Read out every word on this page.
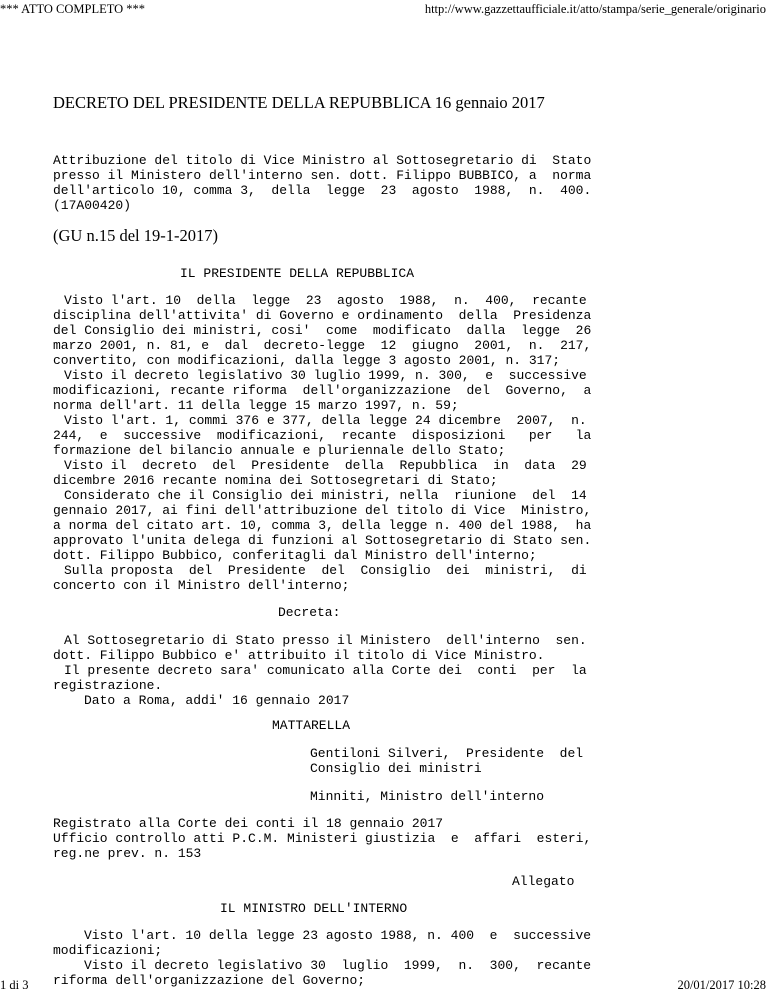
*** ATTO COMPLETO ***	http://www.gazzettaufficiale.it/atto/stampa/serie_generale/originario
DECRETO DEL PRESIDENTE DELLA REPUBBLICA 16 gennaio 2017
Attribuzione del titolo di Vice Ministro al Sottosegretario di  Stato
presso il Ministero dell'interno sen. dott. Filippo BUBBICO, a  norma
dell'articolo 10, comma 3,  della  legge  23  agosto  1988,  n.  400.
(17A00420)
(GU n.15 del 19-1-2017)
IL PRESIDENTE DELLA REPUBBLICA
Visto l'art. 10  della  legge  23  agosto  1988,  n.  400,  recante
disciplina dell'attivita' di Governo e ordinamento  della  Presidenza
del Consiglio dei ministri, cosi'  come  modificato  dalla  legge  26
marzo 2001, n. 81, e  dal  decreto-legge  12  giugno  2001,  n.  217,
convertito, con modificazioni, dalla legge 3 agosto 2001, n. 317;
Visto il decreto legislativo 30 luglio 1999, n. 300,  e  successive
modificazioni, recante riforma  dell'organizzazione  del  Governo,  a
norma dell'art. 11 della legge 15 marzo 1997, n. 59;
Visto l'art. 1, commi 376 e 377, della legge 24 dicembre  2007,  n.
244,  e  successive  modificazioni,  recante  disposizioni   per   la
formazione del bilancio annuale e pluriennale dello Stato;
Visto il  decreto  del  Presidente  della  Repubblica  in  data  29
dicembre 2016 recante nomina dei Sottosegretari di Stato;
Considerato che il Consiglio dei ministri, nella  riunione  del  14
gennaio 2017, ai fini dell'attribuzione del titolo di Vice  Ministro,
a norma del citato art. 10, comma 3, della legge n. 400 del 1988,  ha
approvato l'unita delega di funzioni al Sottosegretario di Stato sen.
dott. Filippo Bubbico, conferitagli dal Ministro dell'interno;
Sulla proposta  del  Presidente  del  Consiglio  dei  ministri,  di
concerto con il Ministro dell'interno;
Decreta:
Al Sottosegretario di Stato presso il Ministero  dell'interno  sen.
dott. Filippo Bubbico e' attribuito il titolo di Vice Ministro.
Il presente decreto sara' comunicato alla Corte dei  conti  per  la
registrazione.
Dato a Roma, addi' 16 gennaio 2017
MATTARELLA
Gentiloni Silveri,  Presidente  del
Consiglio dei ministri
Minniti, Ministro dell'interno
Registrato alla Corte dei conti il 18 gennaio 2017
Ufficio controllo atti P.C.M. Ministeri giustizia  e  affari  esteri,
reg.ne prev. n. 153
Allegato
IL MINISTRO DELL'INTERNO
Visto l'art. 10 della legge 23 agosto 1988, n. 400  e  successive
modificazioni;
Visto il decreto legislativo 30  luglio  1999,  n.  300,  recante
riforma dell'organizzazione del Governo;
1 di 3	20/01/2017 10:28
